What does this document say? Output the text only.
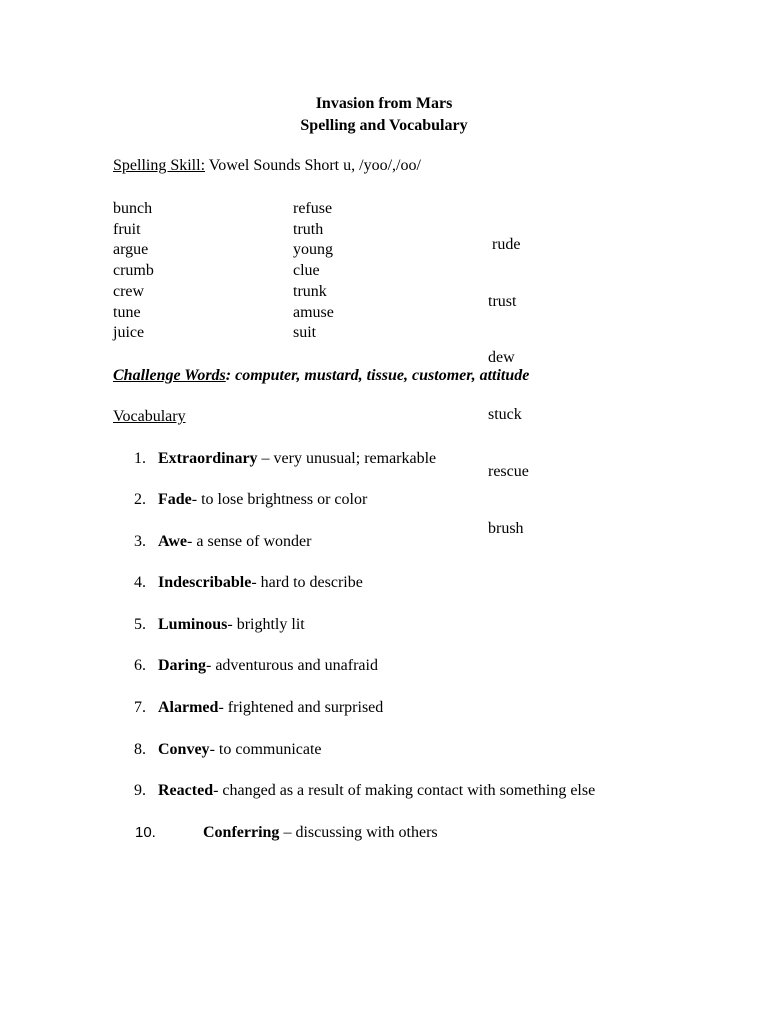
Invasion from Mars
Spelling and Vocabulary
Spelling Skill: Vowel Sounds Short u, /yoo/,/oo/
bunch
fruit
argue
crumb
crew
tune
juice
refuse
truth
young
clue
trunk
amuse
suit

rude

trust

dew

stuck

rescue

brush

Challenge Words: computer, mustard, tissue, customer, attitude
Vocabulary
1. Extraordinary – very unusual; remarkable
2. Fade- to lose brightness or color
3. Awe- a sense of wonder
4. Indescribable- hard to describe
5. Luminous- brightly lit
6. Daring- adventurous and unafraid
7. Alarmed- frightened and surprised
8. Convey- to communicate
9. Reacted- changed as a result of making contact with something else
10.	Conferring – discussing with others
